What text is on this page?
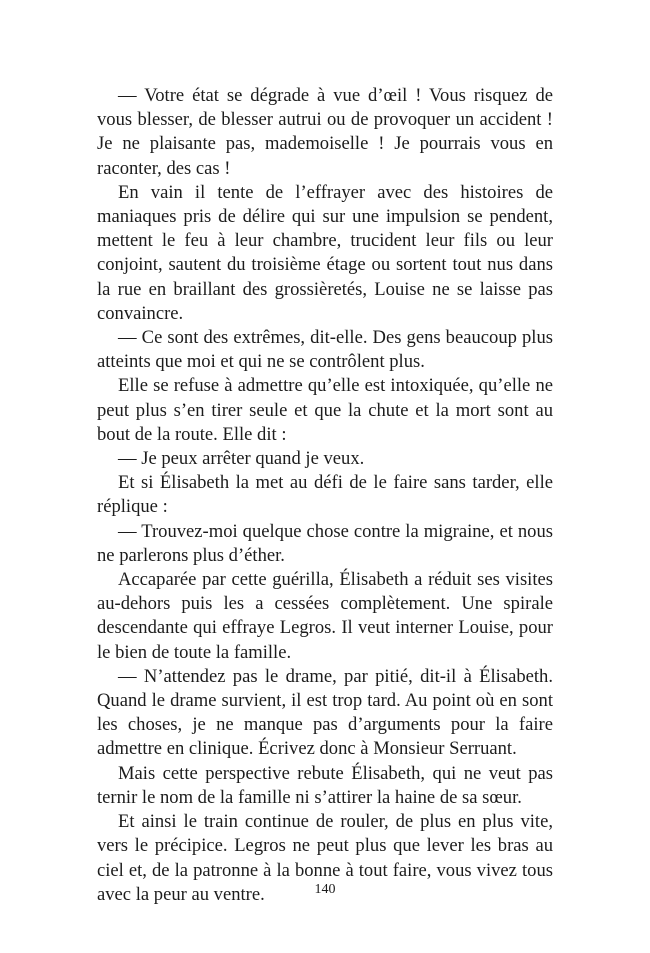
— Votre état se dégrade à vue d’œil ! Vous risquez de vous blesser, de blesser autrui ou de provoquer un accident ! Je ne plaisante pas, mademoiselle ! Je pourrais vous en raconter, des cas !

En vain il tente de l’effrayer avec des histoires de maniaques pris de délire qui sur une impulsion se pendent, mettent le feu à leur chambre, trucident leur fils ou leur conjoint, sautent du troisième étage ou sortent tout nus dans la rue en braillant des grossièretés, Louise ne se laisse pas convaincre.

— Ce sont des extrêmes, dit-elle. Des gens beaucoup plus atteints que moi et qui ne se contrôlent plus.

Elle se refuse à admettre qu’elle est intoxiquée, qu’elle ne peut plus s’en tirer seule et que la chute et la mort sont au bout de la route. Elle dit :

— Je peux arrêter quand je veux.

Et si Élisabeth la met au défi de le faire sans tarder, elle réplique :

— Trouvez-moi quelque chose contre la migraine, et nous ne parlerons plus d’éther.

Accaparée par cette guérilla, Élisabeth a réduit ses visites au-dehors puis les a cessées complètement. Une spirale descendante qui effraye Legros. Il veut interner Louise, pour le bien de toute la famille.

— N’attendez pas le drame, par pitié, dit-il à Élisabeth. Quand le drame survient, il est trop tard. Au point où en sont les choses, je ne manque pas d’arguments pour la faire admettre en clinique. Écrivez donc à Monsieur Serruant.

Mais cette perspective rebute Élisabeth, qui ne veut pas ternir le nom de la famille ni s’attirer la haine de sa sœur.

Et ainsi le train continue de rouler, de plus en plus vite, vers le précipice. Legros ne peut plus que lever les bras au ciel et, de la patronne à la bonne à tout faire, vous vivez tous avec la peur au ventre.	140
